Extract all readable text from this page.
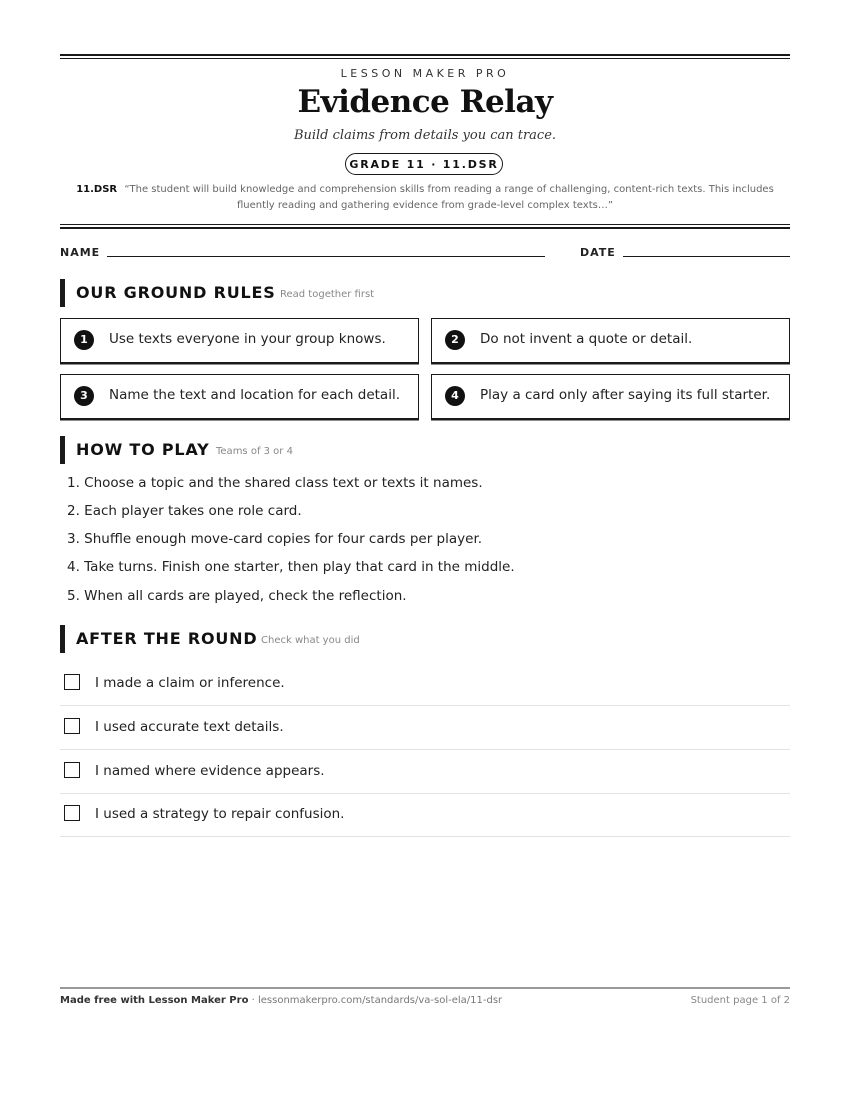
LESSON MAKER PRO
Evidence Relay
Build claims from details you can trace.
GRADE 11 · 11.DSR
11.DSR “The student will build knowledge and comprehension skills from reading a range of challenging, content-rich texts. This includes fluently reading and gathering evidence from grade-level complex texts…”
NAME	DATE
OUR GROUND RULES Read together first
1	Use texts everyone in your group knows.	2	Do not invent a quote or detail.
3	Name the text and location for each detail.	4	Play a card only after saying its full starter.
HOW TO PLAY Teams of 3 or 4
1. Choose a topic and the shared class text or texts it names.
2. Each player takes one role card.
3. Shuffle enough move-card copies for four cards per player.
4. Take turns. Finish one starter, then play that card in the middle.
5. When all cards are played, check the reflection.
AFTER THE ROUND Check what you did
I made a claim or inference.
I used accurate text details.
I named where evidence appears.
I used a strategy to repair confusion.
Made free with Lesson Maker Pro · lessonmakerpro.com/standards/va-sol-ela/11-dsr	Student page 1 of 2
